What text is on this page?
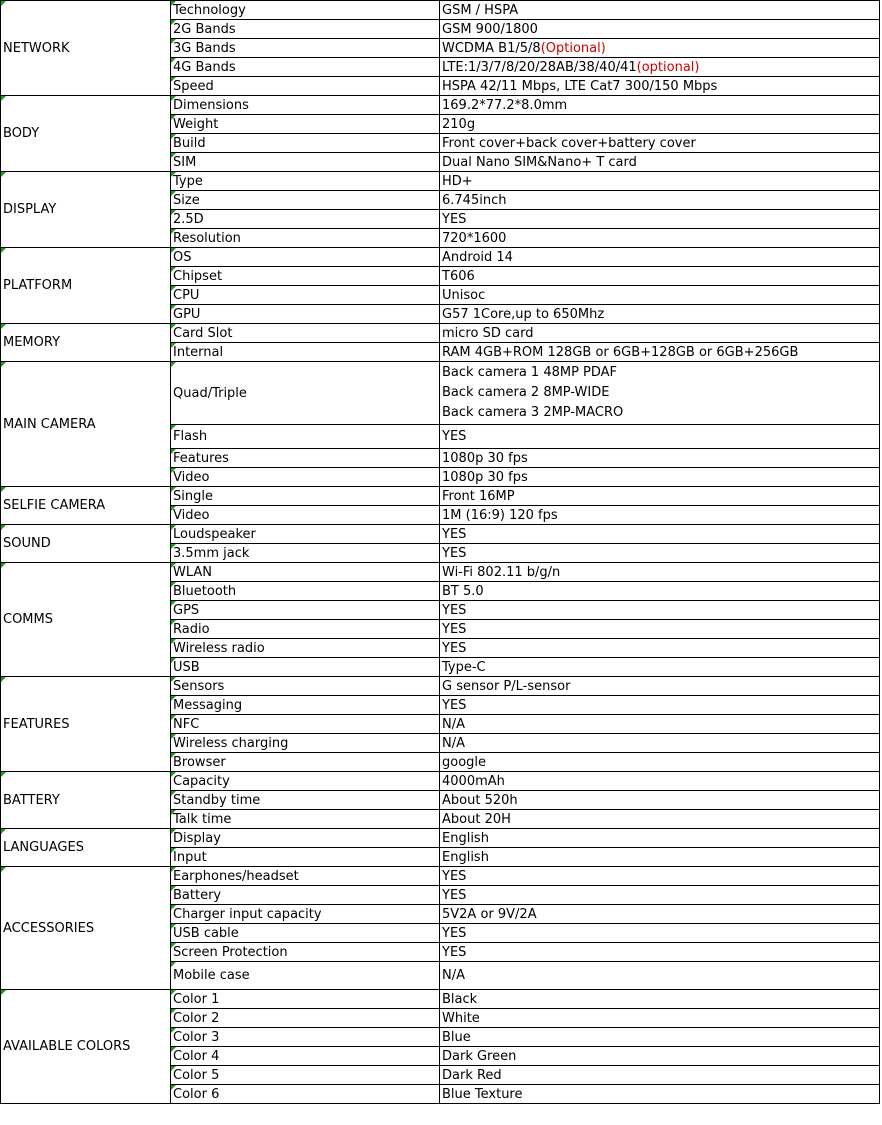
NETWORK	Technology	GSM / HSPA

2G Bands	GSM 900/1800

3G Bands	WCDMA B1/5/8(Optional)

4G Bands	LTE:1/3/7/8/20/28AB/38/40/41(optional)

Speed	HSPA 42/11 Mbps, LTE Cat7 300/150 Mbps

BODY	Dimensions	169.2*77.2*8.0mm

Weight	210g

Build	Front cover+back cover+battery cover

SIM	Dual Nano SIM&Nano+ T card

DISPLAY	Type	HD+

Size	6.745inch

2.5D	YES

Resolution	720*1600

PLATFORM	OS	Android 14

Chipset	T606

CPU	Unisoc

GPU	G57 1Core,up to 650Mhz

MEMORY	Card Slot	micro SD card

Internal	RAM 4GB+ROM 128GB or 6GB+128GB or 6GB+256GB

MAIN CAMERA	Quad/Triple	Back camera 1 48MP PDAF
Back camera 2 8MP-WIDE
Back camera 3 2MP-MACRO

Flash	YES

Features	1080p 30 fps

Video	1080p 30 fps

SELFIE CAMERA	Single	Front 16MP

Video	1M (16:9) 120 fps

SOUND	Loudspeaker	YES

3.5mm jack	YES

COMMS	WLAN	Wi-Fi 802.11 b/g/n

Bluetooth	BT 5.0

GPS	YES

Radio	YES

Wireless radio	YES

USB	Type-C

FEATURES	Sensors	G sensor P/L-sensor

Messaging	YES

NFC	N/A

Wireless charging	N/A

Browser	google

BATTERY	Capacity	4000mAh

Standby time	About 520h

Talk time	About 20H

LANGUAGES	Display	English

Input	English

ACCESSORIES	Earphones/headset	YES

Battery	YES

Charger input capacity	5V2A or 9V/2A

USB cable	YES

Screen Protection	YES

Mobile case	N/A

AVAILABLE COLORS	Color 1	Black

Color 2	White

Color 3	Blue

Color 4	Dark Green

Color 5	Dark Red

Color 6	Blue Texture
